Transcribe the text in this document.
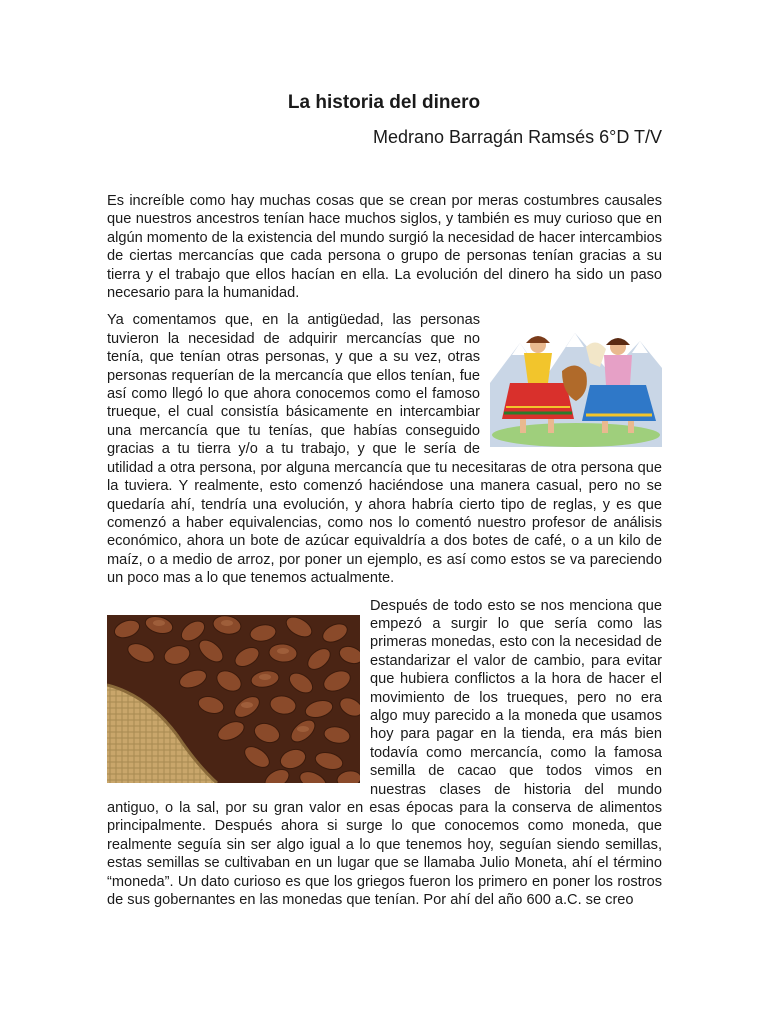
La historia del dinero

Medrano Barragán Ramsés 6°D T/V

Es increíble como hay muchas cosas que se crean por meras costumbres causales que nuestros ancestros tenían hace muchos siglos, y también es muy curioso que en algún momento de la existencia del mundo surgió la necesidad de hacer intercambios de ciertas mercancías que cada persona o grupo de personas tenían gracias a su tierra y el trabajo que ellos hacían en ella. La evolución del dinero ha sido un paso necesario para la humanidad.

Ya comentamos que, en la antigüedad, las personas tuvieron la necesidad de adquirir mercancías que no tenía, que tenían otras personas, y que a su vez, otras personas requerían de la mercancía que ellos tenían, fue así como llegó lo que ahora conocemos como el famoso trueque, el cual consistía básicamente en intercambiar una mercancía que tu tenías, que habías conseguido gracias a tu tierra y/o a tu trabajo, y que le sería de utilidad a otra persona, por alguna mercancía que tu necesitaras de otra persona que la tuviera. Y realmente, esto comenzó haciéndose una manera casual, pero no se quedaría ahí, tendría una evolución, y ahora habría cierto tipo de reglas, y es que comenzó a haber equivalencias, como nos lo comentó nuestro profesor de análisis económico, ahora un bote de azúcar equivaldría a dos botes de café, o a un kilo de maíz, o a medio de arroz, por poner un ejemplo, es así como estos se va pareciendo un poco mas a lo que tenemos actualmente.

Después de todo esto se nos menciona que empezó a surgir lo que sería como las primeras monedas, esto con la necesidad de estandarizar el valor de cambio, para evitar que hubiera conflictos a la hora de hacer el movimiento de los trueques, pero no era algo muy parecido a la moneda que usamos hoy para pagar en la tienda, era más bien todavía como mercancía, como la famosa semilla de cacao que todos vimos en nuestras clases de historia del mundo antiguo, o la sal, por su gran valor en esas épocas para la conserva de alimentos principalmente. Después ahora si surge lo que conocemos como moneda, que realmente seguía sin ser algo igual a lo que tenemos hoy, seguían siendo semillas, estas semillas se cultivaban en un lugar que se llamaba Julio Moneta, ahí el término “moneda”. Un dato curioso es que los griegos fueron los primero en poner los rostros de sus gobernantes en las monedas que tenían. Por ahí del año 600 a.C. se creo
